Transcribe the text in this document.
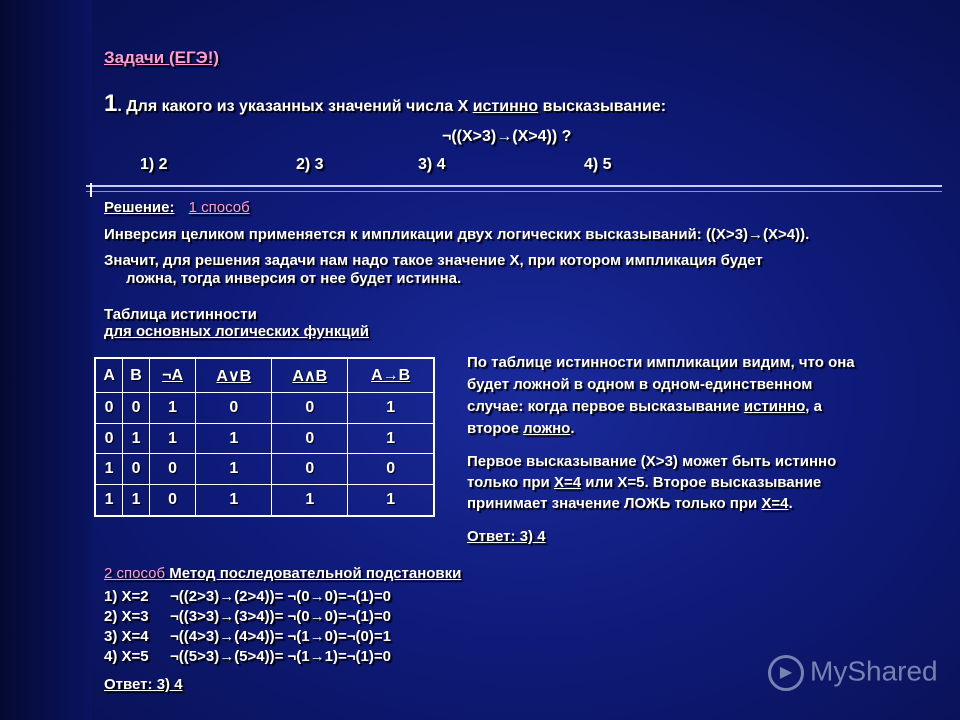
Задачи (ЕГЭ!)
1. Для какого из указанных значений числа X истинно высказывание:
¬((X>3)→(X>4)) ?
1) 2	2) 3	3) 4	4) 5
Решение: 1 способ
Инверсия целиком применяется к импликации двух логических высказываний: ((X>3)→(X>4)).
Значит, для решения задачи нам надо такое значение X, при котором импликация будет
ложна, тогда инверсия от нее будет истинна.
Таблица истинности
для основных логических функций
A	B	¬A	A∨B	A∧B	A→B
0	0	1	0	0	1
0	1	1	1	0	1
1	0	0	1	0	0
1	1	0	1	1	1
По таблице истинности импликации видим, что она
будет ложной в одном в одном-единственном
случае: когда первое высказывание истинно, а
второе ложно.
Первое высказывание (X>3) может быть истинно
только при X=4 или X=5. Второе высказывание
принимает значение ЛОЖЬ только при X=4.
Ответ: 3) 4
2 способ Метод последовательной подстановки
1) X=2 ¬((2>3)→(2>4))= ¬(0→0)=¬(1)=0
2) X=3 ¬((3>3)→(3>4))= ¬(0→0)=¬(1)=0
3) X=4 ¬((4>3)→(4>4))= ¬(1→0)=¬(0)=1
4) X=5 ¬((5>3)→(5>4))= ¬(1→1)=¬(1)=0
Ответ: 3) 4
▶ MyShared
